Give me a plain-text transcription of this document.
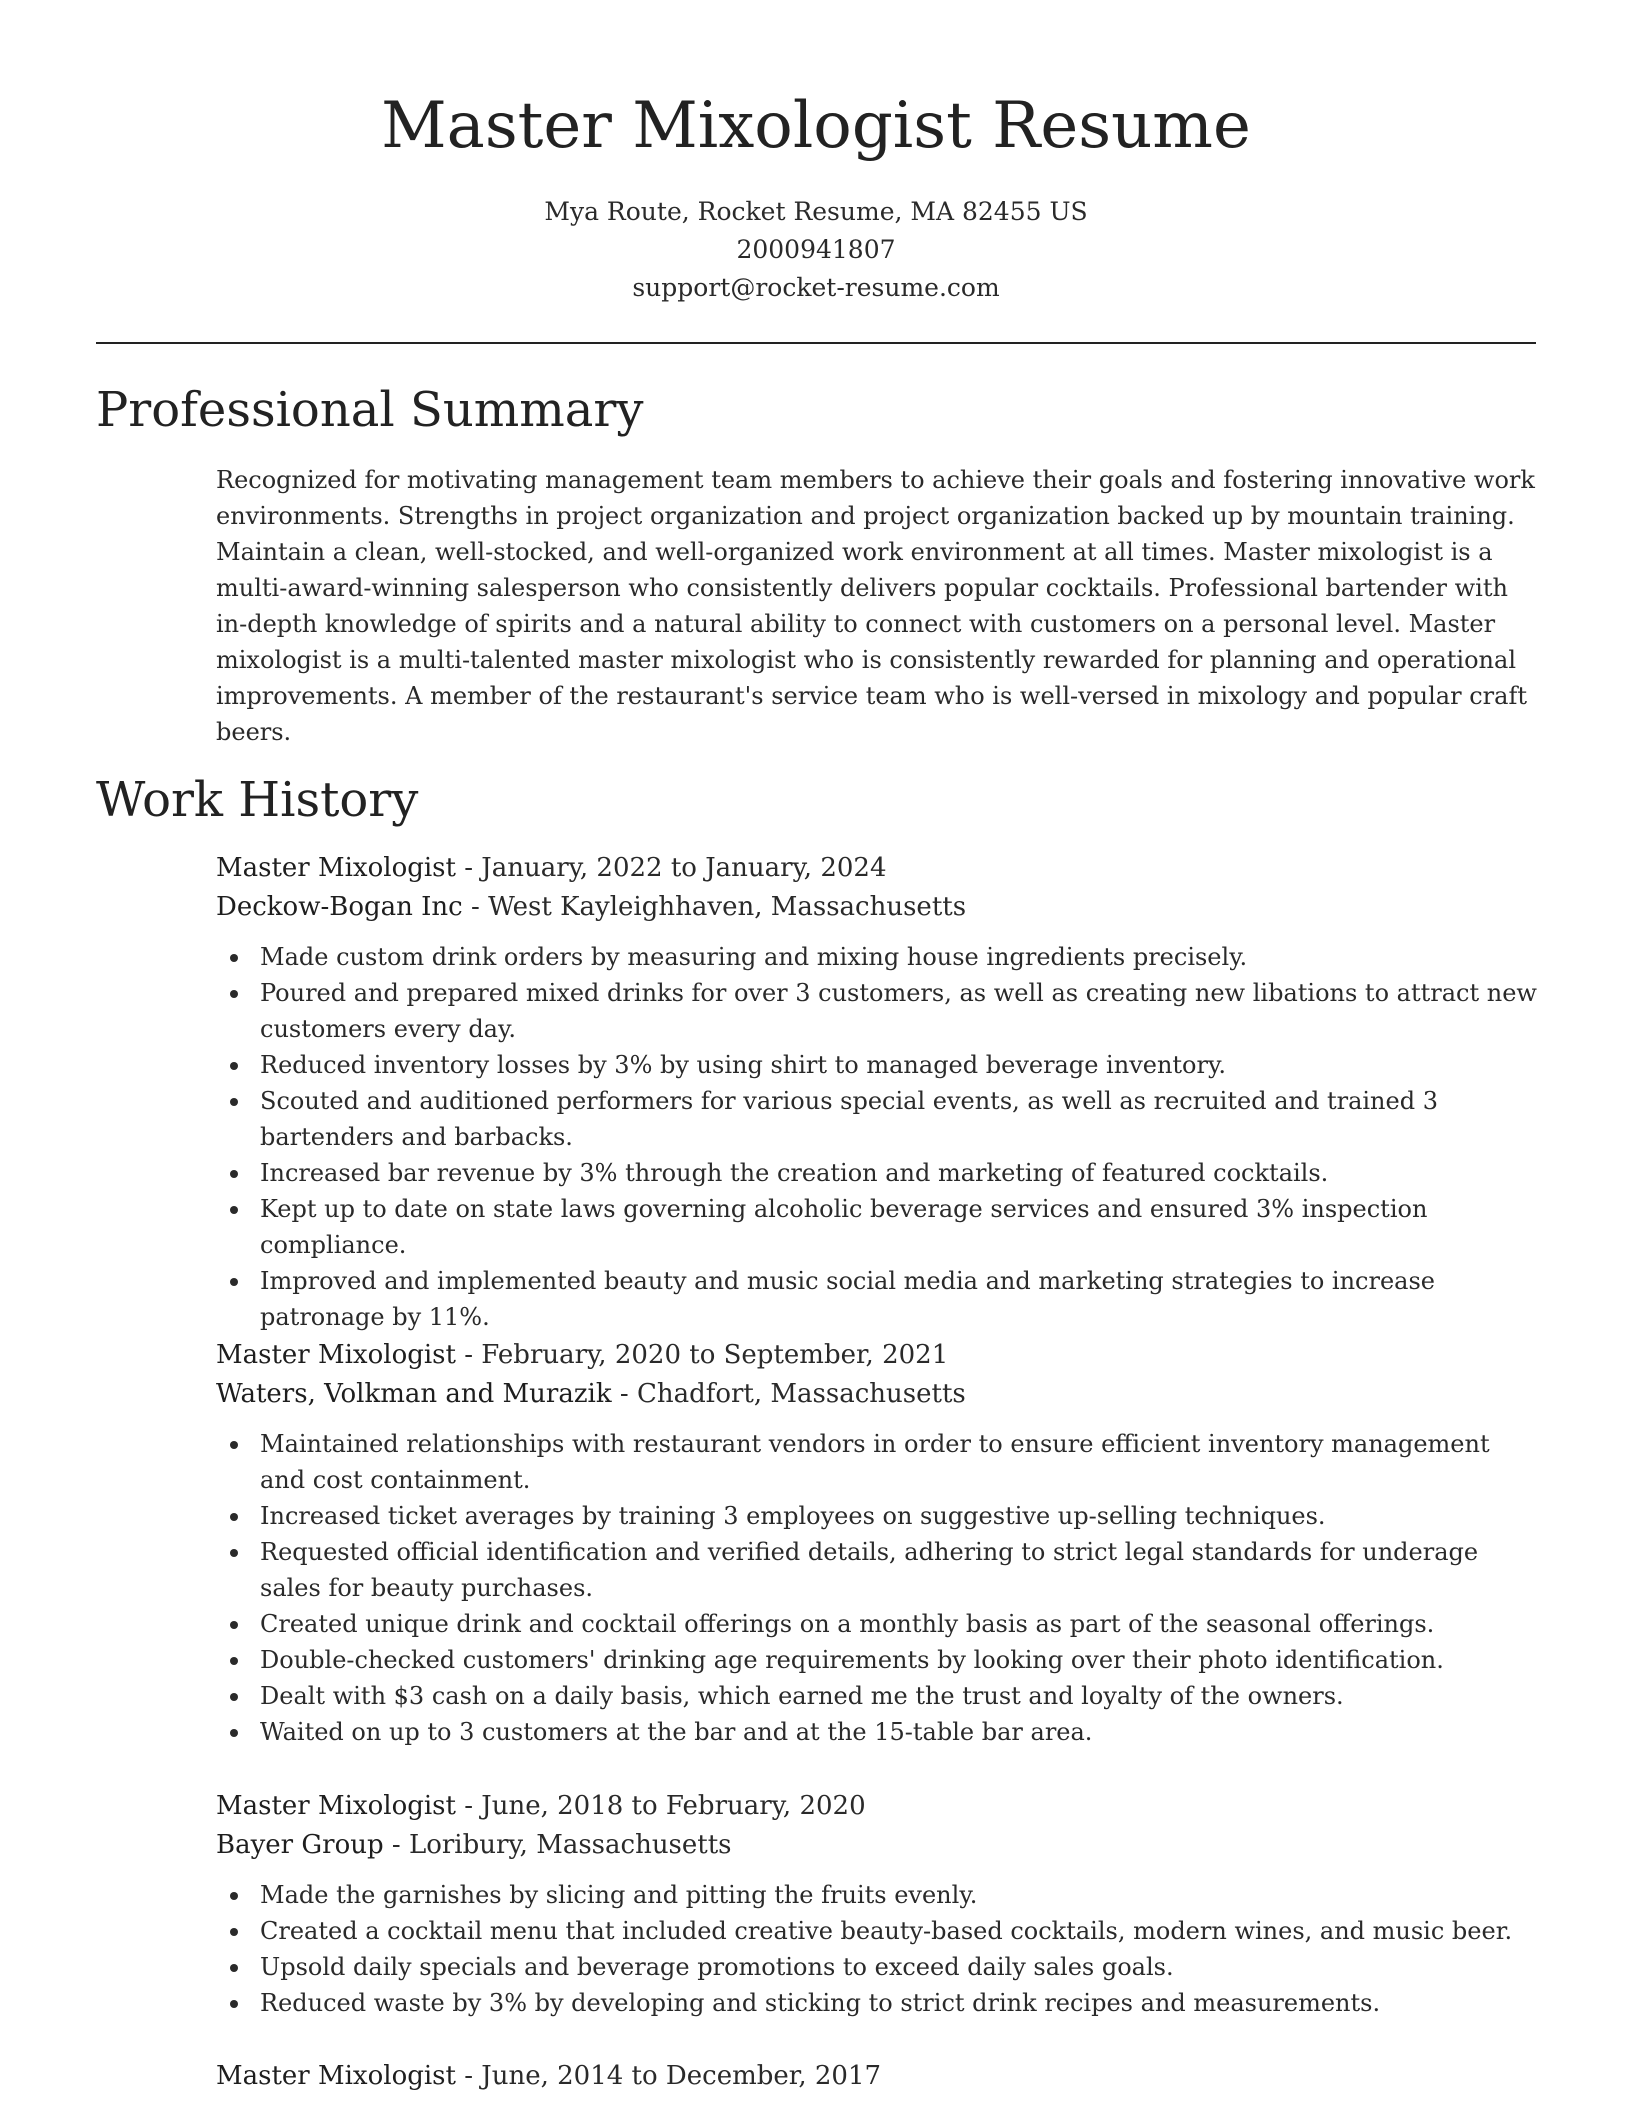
Master Mixologist Resume
Mya Route, Rocket Resume, MA 82455 US
2000941807
support@rocket-resume.com
Professional Summary

Recognized for motivating management team members to achieve their goals and fostering innovative work environments. Strengths in project organization and project organization backed up by mountain training. Maintain a clean, well-stocked, and well-organized work environment at all times. Master mixologist is a multi-award-winning salesperson who consistently delivers popular cocktails. Professional bartender with in-depth knowledge of spirits and a natural ability to connect with customers on a personal level. Master mixologist is a multi-talented master mixologist who is consistently rewarded for planning and operational improvements. A member of the restaurant's service team who is well-versed in mixology and popular craft beers.

Work History
Master Mixologist - January, 2022 to January, 2024
Deckow-Bogan Inc - West Kayleighhaven, Massachusetts
Made custom drink orders by measuring and mixing house ingredients precisely.
Poured and prepared mixed drinks for over 3 customers, as well as creating new libations to attract new customers every day.
Reduced inventory losses by 3% by using shirt to managed beverage inventory.
Scouted and auditioned performers for various special events, as well as recruited and trained 3 bartenders and barbacks.
Increased bar revenue by 3% through the creation and marketing of featured cocktails.
Kept up to date on state laws governing alcoholic beverage services and ensured 3% inspection compliance.
Improved and implemented beauty and music social media and marketing strategies to increase patronage by 11%.
Master Mixologist - February, 2020 to September, 2021
Waters, Volkman and Murazik - Chadfort, Massachusetts
Maintained relationships with restaurant vendors in order to ensure efficient inventory management and cost containment.
Increased ticket averages by training 3 employees on suggestive up-selling techniques.
Requested official identification and verified details, adhering to strict legal standards for underage sales for beauty purchases.
Created unique drink and cocktail offerings on a monthly basis as part of the seasonal offerings.
Double-checked customers' drinking age requirements by looking over their photo identification.
Dealt with $3 cash on a daily basis, which earned me the trust and loyalty of the owners.
Waited on up to 3 customers at the bar and at the 15-table bar area.
Master Mixologist - June, 2018 to February, 2020
Bayer Group - Loribury, Massachusetts
Made the garnishes by slicing and pitting the fruits evenly.
Created a cocktail menu that included creative beauty-based cocktails, modern wines, and music beer.
Upsold daily specials and beverage promotions to exceed daily sales goals.
Reduced waste by 3% by developing and sticking to strict drink recipes and measurements.
Master Mixologist - June, 2014 to December, 2017
